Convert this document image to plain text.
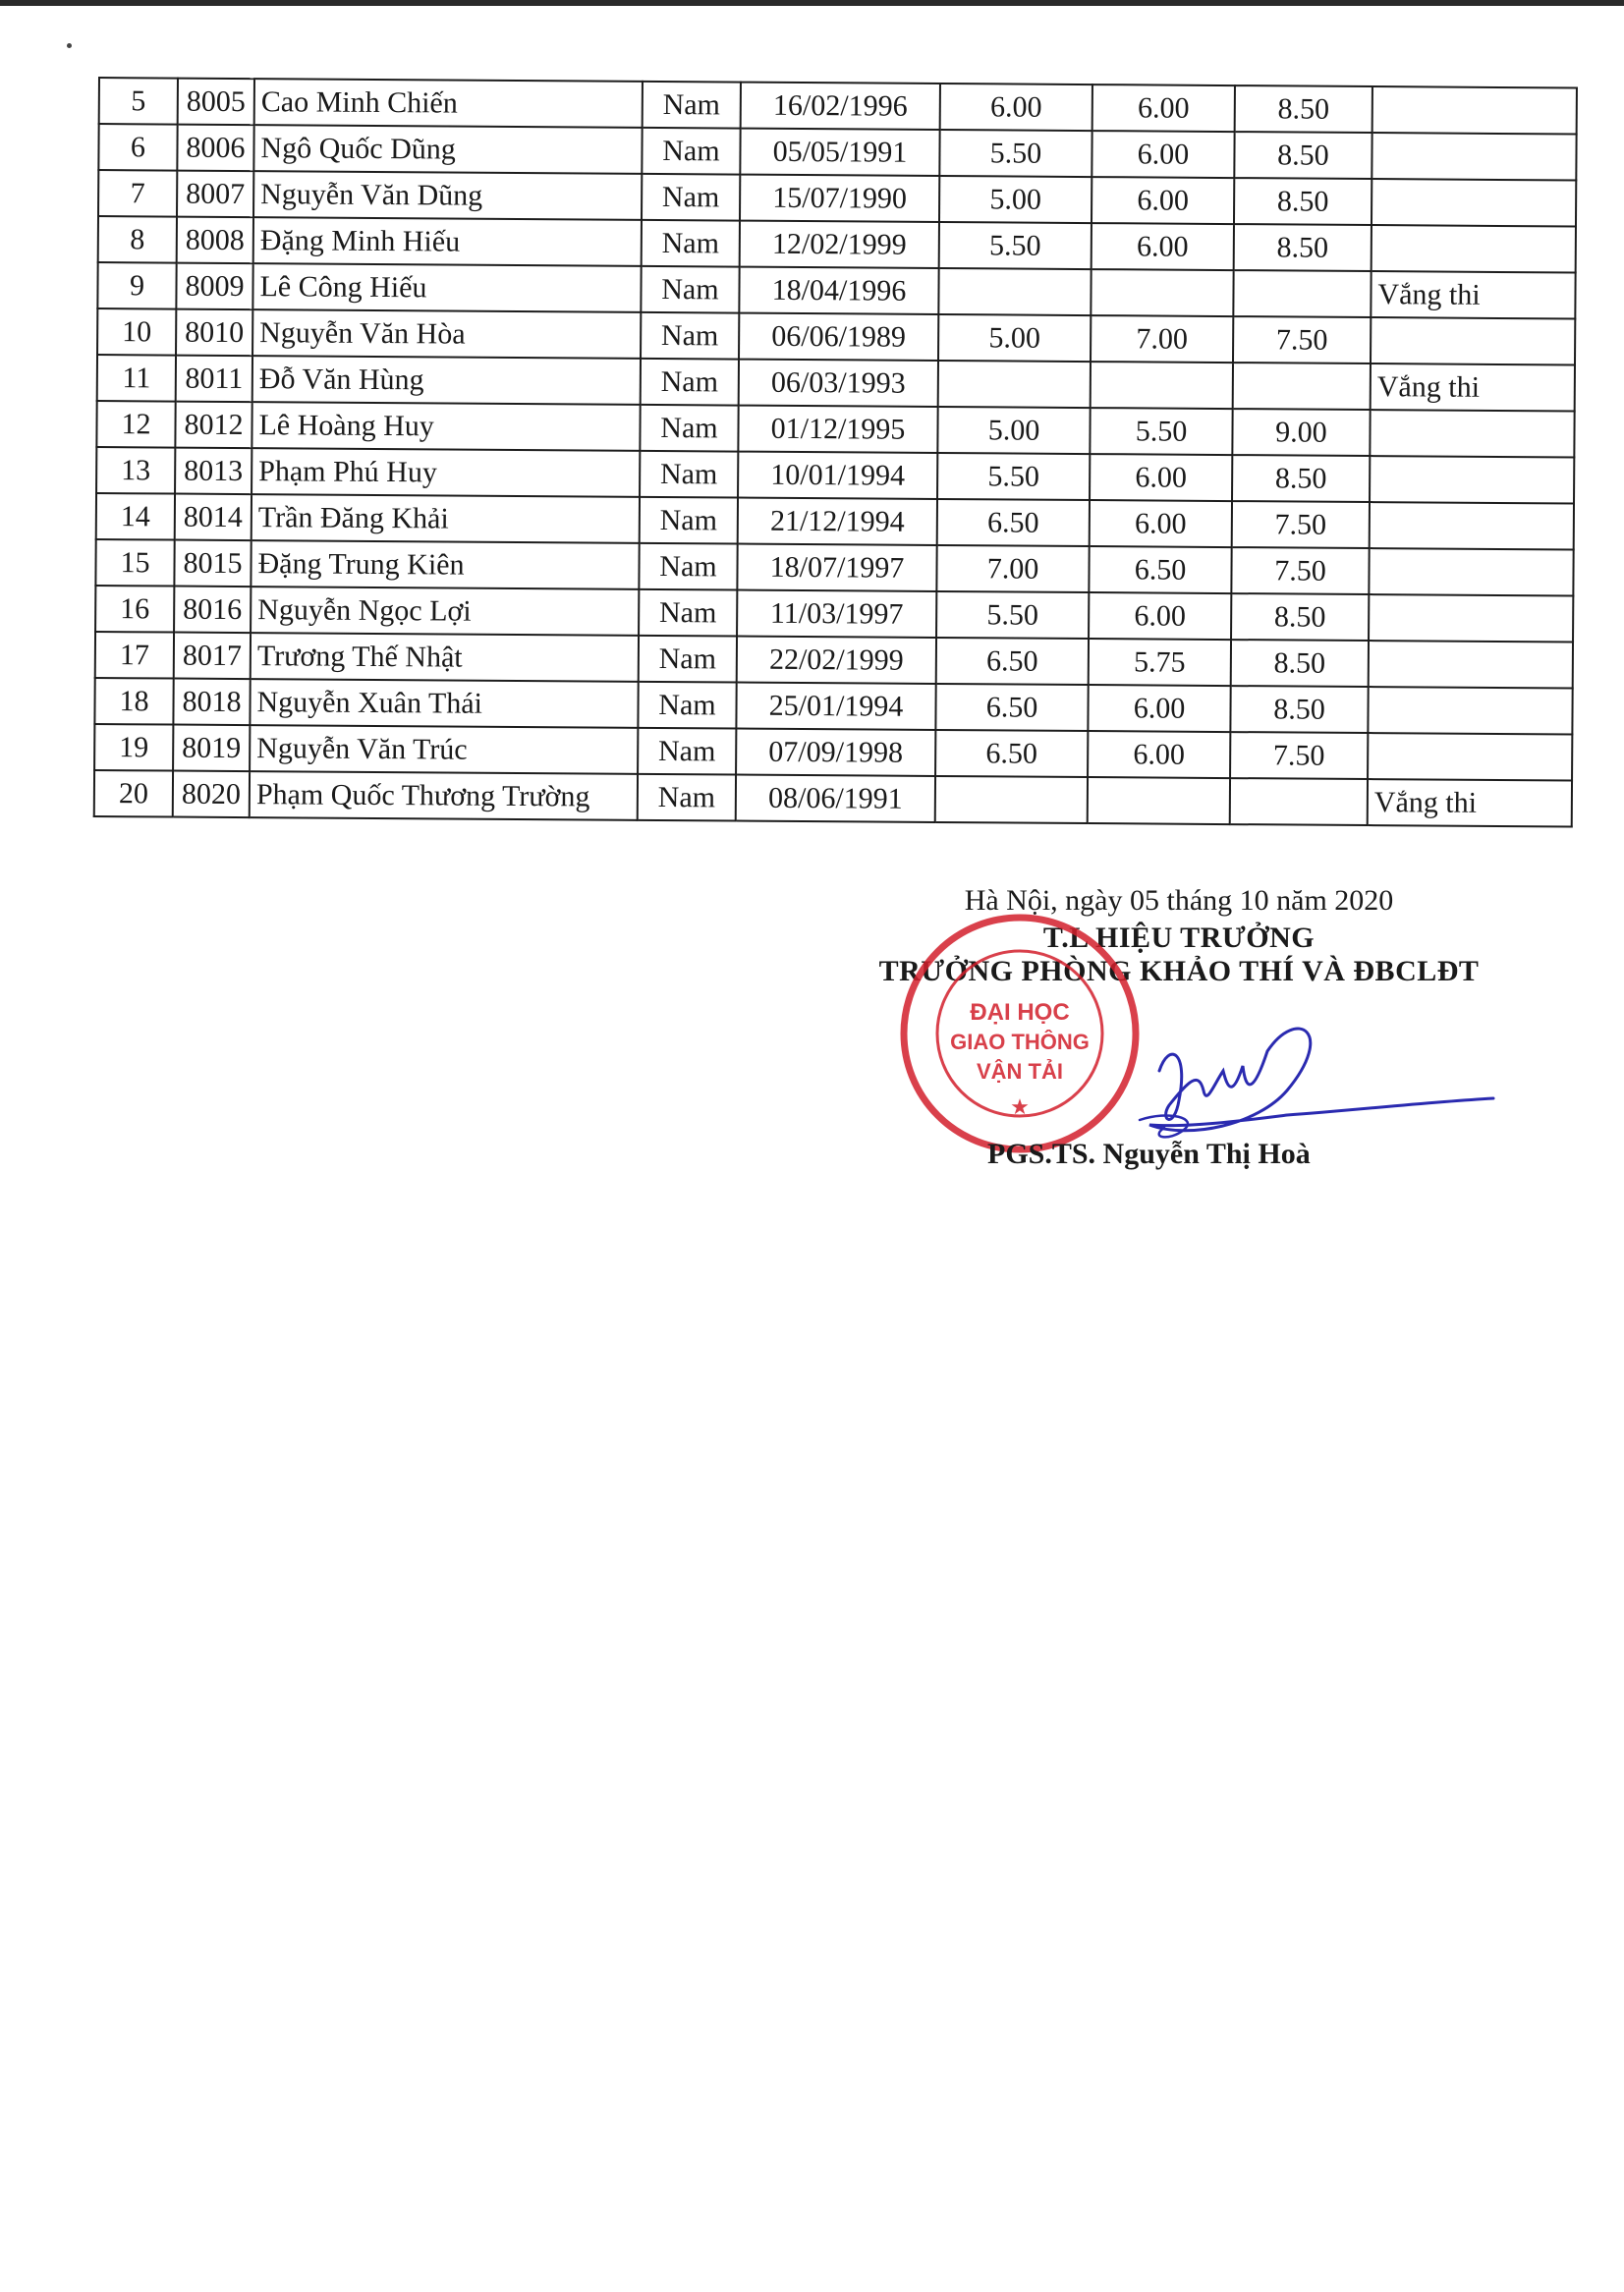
5	8005	Cao Minh Chiến	Nam	16/02/1996	6.00	6.00	8.50	
6	8006	Ngô Quốc Dũng	Nam	05/05/1991	5.50	6.00	8.50	
7	8007	Nguyễn Văn Dũng	Nam	15/07/1990	5.00	6.00	8.50	
8	8008	Đặng Minh Hiếu	Nam	12/02/1999	5.50	6.00	8.50	
9	8009	Lê Công Hiếu	Nam	18/04/1996				Vắng thi
10	8010	Nguyễn Văn Hòa	Nam	06/06/1989	5.00	7.00	7.50	
11	8011	Đỗ Văn Hùng	Nam	06/03/1993				Vắng thi
12	8012	Lê Hoàng Huy	Nam	01/12/1995	5.00	5.50	9.00	
13	8013	Phạm Phú Huy	Nam	10/01/1994	5.50	6.00	8.50	
14	8014	Trần Đăng Khải	Nam	21/12/1994	6.50	6.00	7.50	
15	8015	Đặng Trung Kiên	Nam	18/07/1997	7.00	6.50	7.50	
16	8016	Nguyễn Ngọc Lợi	Nam	11/03/1997	5.50	6.00	8.50	
17	8017	Trương Thế Nhật	Nam	22/02/1999	6.50	5.75	8.50	
18	8018	Nguyễn Xuân Thái	Nam	25/01/1994	6.50	6.00	8.50	
19	8019	Nguyễn Văn Trúc	Nam	07/09/1998	6.50	6.00	7.50	
20	8020	Phạm Quốc Thương Trường	Nam	08/06/1991				Vắng thi
Hà Nội, ngày 05 tháng 10 năm 2020
T.L HIỆU TRƯỞNG
TRƯỞNG PHÒNG KHẢO THÍ VÀ ĐBCLĐT
ĐẠI HỌC
GIAO THÔNG
VẬN TẢI
★
PGS.TS. Nguyễn Thị Hoà
